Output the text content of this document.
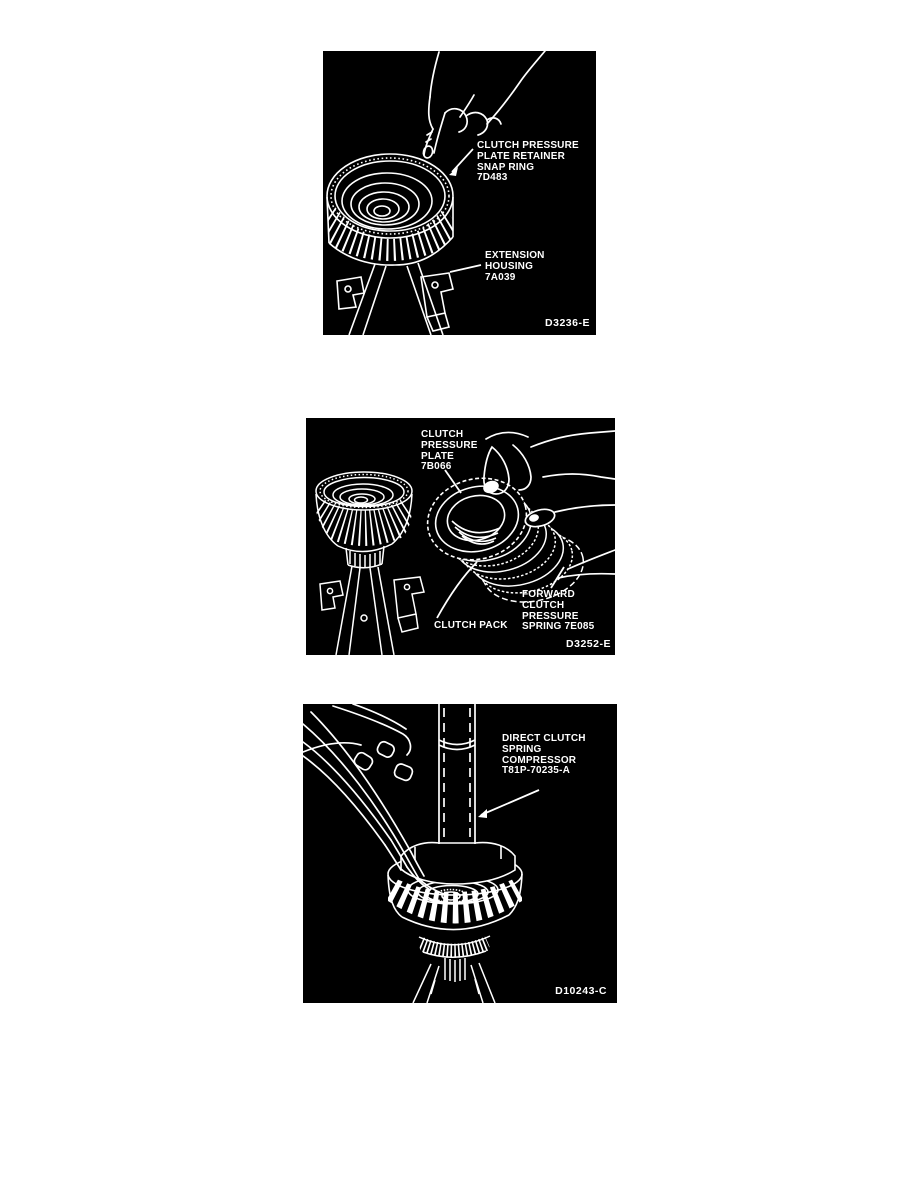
CLUTCH PRESSURE
PLATE RETAINER
SNAP RING
7D483
EXTENSION
HOUSING
7A039
D3236-E
CLUTCH
PRESSURE
PLATE
7B066
CLUTCH PACK
FORWARD
CLUTCH
PRESSURE
SPRING 7E085
D3252-E
DIRECT CLUTCH
SPRING
COMPRESSOR
T81P-70235-A
D10243-C
